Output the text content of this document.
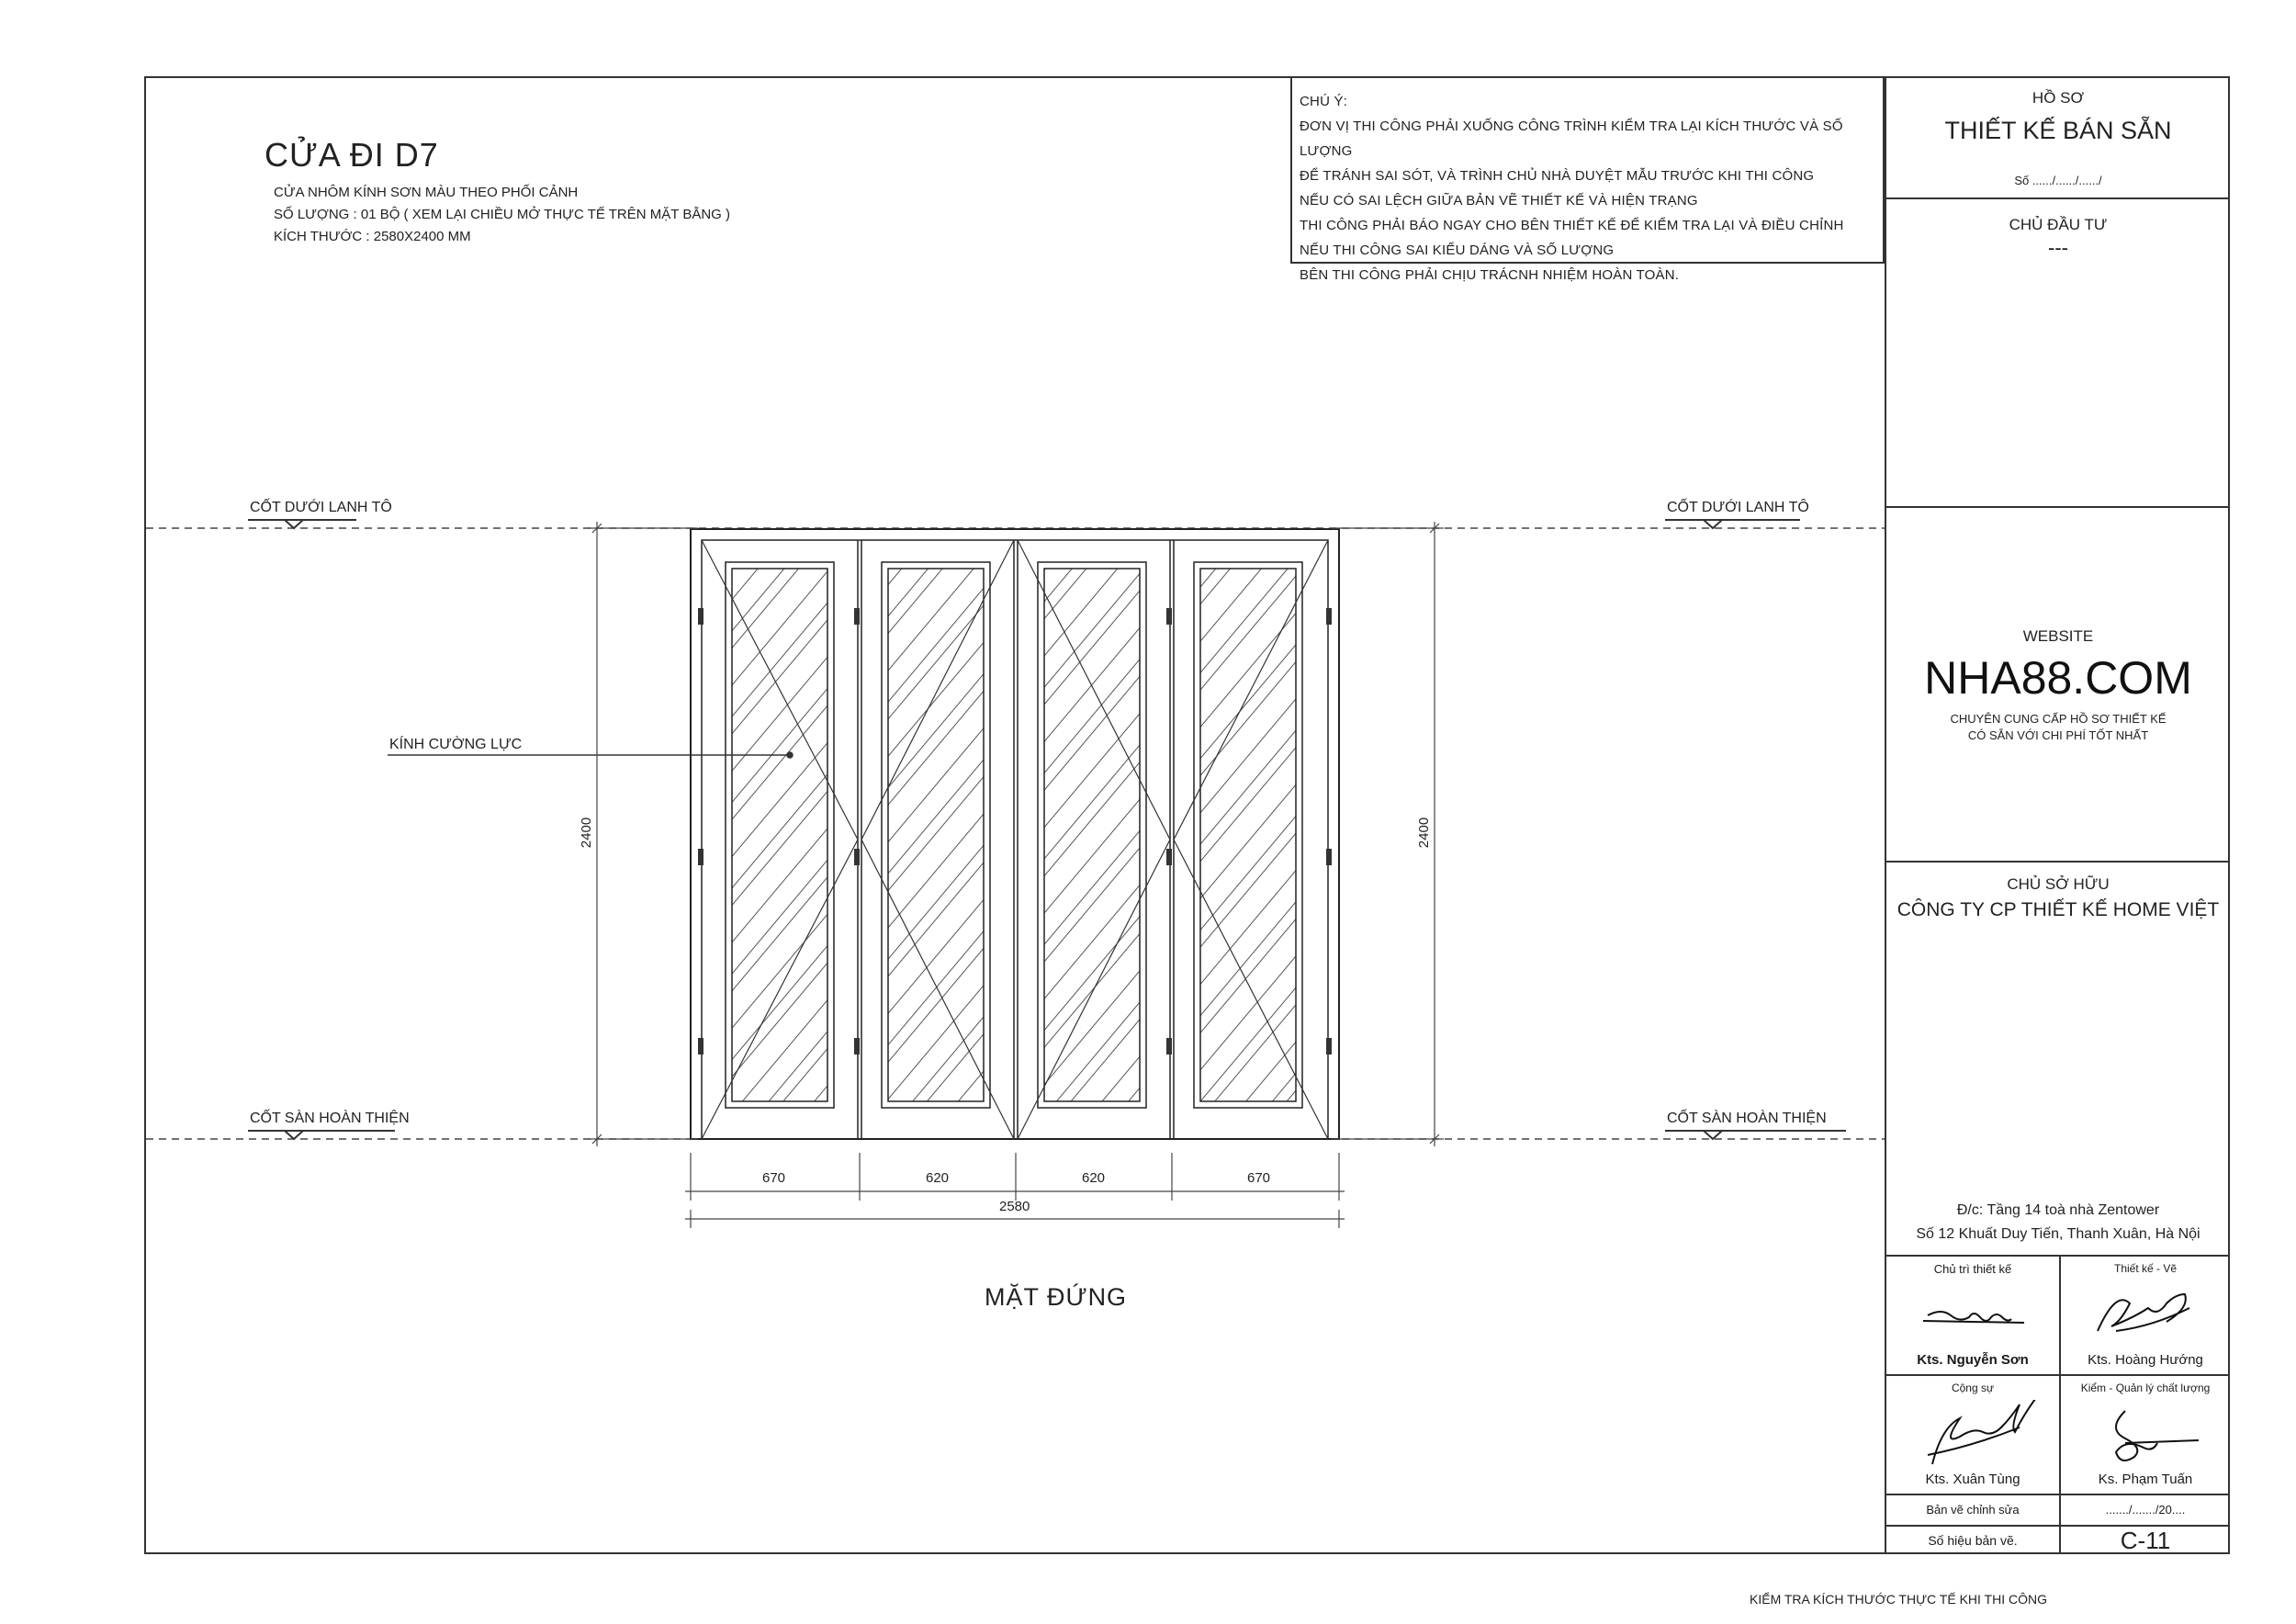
CỬA ĐI D7
CỬA NHÔM KÍNH SƠN MÀU THEO PHỐI CẢNH
SỐ LƯỢNG : 01 BỘ ( XEM LẠI CHIỀU MỞ THỰC TẾ TRÊN MẶT BẰNG )
KÍCH THƯỚC : 2580X2400 MM
CHÚ Ý:
ĐƠN VỊ THI CÔNG PHẢI XUỐNG CÔNG TRÌNH KIỂM TRA LẠI KÍCH THƯỚC VÀ SỐ LƯỢNG
ĐỂ TRÁNH SAI SÓT, VÀ TRÌNH CHỦ NHÀ DUYỆT MẪU TRƯỚC KHI THI CÔNG
NẾU CÓ SAI LỆCH GIỮA BẢN VẼ THIẾT KẾ VÀ HIỆN TRẠNG
THI CÔNG PHẢI BÁO NGAY CHO BÊN THIẾT KẾ ĐỂ KIỂM TRA LẠI VÀ ĐIỀU CHỈNH
NẾU THI CÔNG SAI KIỂU DÁNG VÀ SỐ LƯỢNG
BÊN THI CÔNG PHẢI CHỊU TRÁCNH NHIỆM HOÀN TOÀN.
CỐT DƯỚI LANH TÔ	CỐT DƯỚI LANH TÔ
CỐT SÀN HOÀN THIỆN	CỐT SÀN HOÀN THIỆN
KÍNH CƯỜNG LỰC
2400	2400
670	620	620	670
2580
MẶT ĐỨNG
HỒ SƠ
THIẾT KẾ BÁN SẴN
Số ....../....../....../
CHỦ ĐẦU TƯ
---
WEBSITE
NHA88.COM
CHUYÊN CUNG CẤP HỒ SƠ THIẾT KẾ
CÓ SẴN VỚI CHI PHÍ TỐT NHẤT
CHỦ SỞ HỮU
CÔNG TY CP THIẾT KẾ HOME VIỆT
Đ/c: Tầng 14 toà nhà Zentower
Số 12 Khuất Duy Tiến, Thanh Xuân, Hà Nội
Chủ trì thiết kế
Kts. Nguyễn Sơn
Thiết kế - Vẽ
Kts. Hoàng Hướng
Cộng sự
Kts. Xuân Tùng
Kiểm - Quản lý chất lượng
Ks. Phạm Tuấn
Bản vẽ chỉnh sửa	......./......./20....
Số hiệu bản vẽ.	C-11
KIỂM TRA KÍCH THƯỚC THỰC TẾ KHI THI CÔNG
